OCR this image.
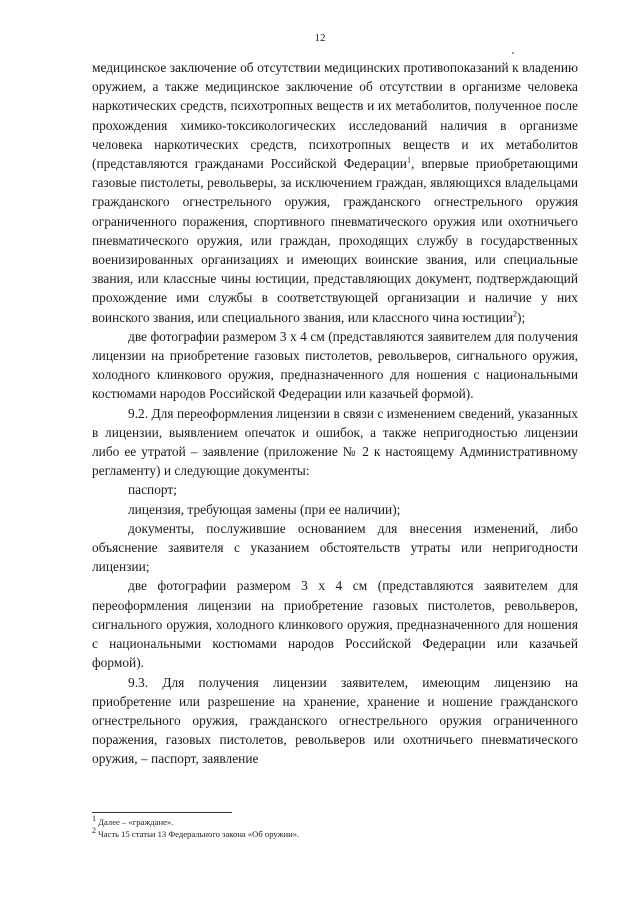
12

медицинское заключение об отсутствии медицинских противопоказаний к владению оружием, а также медицинское заключение об отсутствии в организме человека наркотических средств, психотропных веществ и их метаболитов, полученное после прохождения химико-токсикологических исследований наличия в организме человека наркотических средств, психотропных веществ и их метаболитов (представляются гражданами Российской Федерации$^1$, впервые приобретающими газовые пистолеты, револьверы, за исключением граждан, являющихся владельцами гражданского огнестрельного оружия, гражданского огнестрельного оружия ограниченного поражения, спортивного пневматического оружия или охотничьего пневматического оружия, или граждан, проходящих службу в государственных военизированных организациях и имеющих воинские звания, или специальные звания, или классные чины юстиции, представляющих документ, подтверждающий прохождение ими службы в соответствующей организации и наличие у них воинского звания, или специального звания, или классного чина юстиции$^2$);

две фотографии размером 3 х 4 см (представляются заявителем для получения лицензии на приобретение газовых пистолетов, револьверов, сигнального оружия, холодного клинкового оружия, предназначенного для ношения с национальными костюмами народов Российской Федерации или казачьей формой).

9.2. Для переоформления лицензии в связи с изменением сведений, указанных в лицензии, выявлением опечаток и ошибок, а также непригодностью лицензии либо ее утратой – заявление (приложение № 2 к настоящему Административному регламенту) и следующие документы:

паспорт;

лицензия, требующая замены (при ее наличии);

документы, послужившие основанием для внесения изменений, либо объяснение заявителя с указанием обстоятельств утраты или непригодности лицензии;

две фотографии размером 3 х 4 см (представляются заявителем для переоформления лицензии на приобретение газовых пистолетов, револьверов, сигнального оружия, холодного клинкового оружия, предназначенного для ношения с национальными костюмами народов Российской Федерации или казачьей формой).

9.3. Для получения лицензии заявителем, имеющим лицензию на приобретение или разрешение на хранение, хранение и ношение гражданского огнестрельного оружия, гражданского огнестрельного оружия ограниченного поражения, газовых пистолетов, револьверов или охотничьего пневматического оружия, – паспорт, заявление

$^1$ Далее – «граждане».

$^2$ Часть 15 статьи 13 Федерального закона «Об оружии».
